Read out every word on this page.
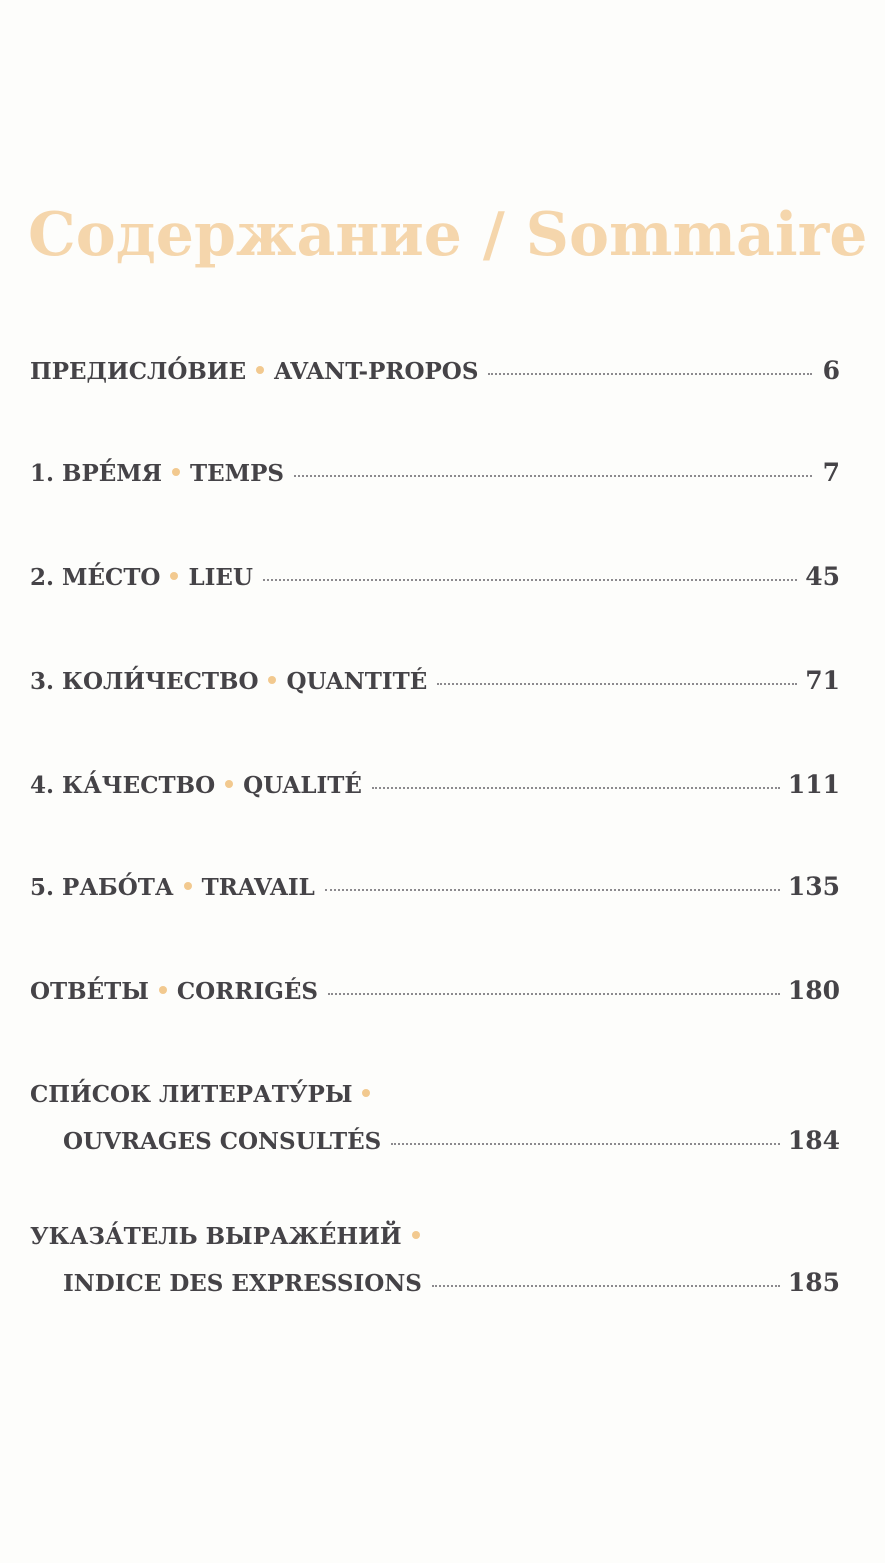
Содержание / Sommaire
ПРЕДИСЛО́ВИЕ AVANT-PROPOS	6
1. ВРЕ́МЯ TEMPS	7
2. МЕ́СТО LIEU	45
3. КОЛИ́ЧЕСТВО QUANTITÉ	71
4. КА́ЧЕСТВО QUALITÉ	111
5. РАБО́ТА TRAVAIL	135
ОТВЕ́ТЫ CORRIGÉS	180
СПИ́СОК ЛИТЕРАТУ́РЫ
OUVRAGES CONSULTÉS	184
УКАЗА́ТЕЛЬ ВЫРАЖЕ́НИЙ
INDICE DES EXPRESSIONS	185
